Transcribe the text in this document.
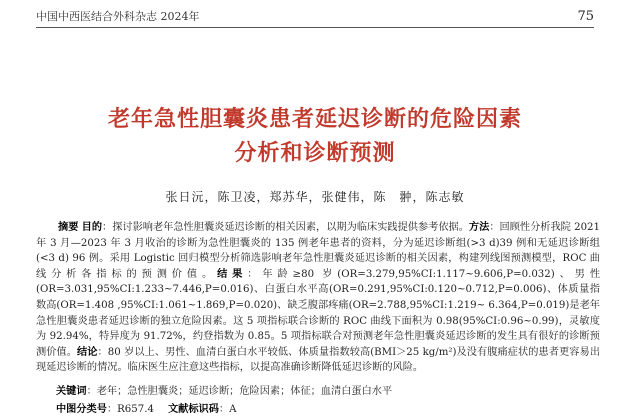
中国中西医结合外科杂志 2024年	75
老年急性胆囊炎患者延迟诊断的危险因素
分析和诊断预测
张日沅，陈卫凌，郑苏华，张健伟，陈　翀，陈志敏
摘要 目的：探讨影响老年急性胆囊炎延迟诊断的相关因素，以期为临床实践提供参考依据。方法：回顾性分析我院 2021年 3 月—2023 年 3 月收治的诊断为急性胆囊炎的 135 例老年患者的资料，分为延迟诊断组(>3 d)39 例和无延迟诊断组(<3 d) 96 例。采用 Logistic 回归模型分析筛选影响老年急性胆囊炎延迟诊断的相关因素，构建列线图预测模型，ROC 曲线分析各指标的预测价值。结果：年龄≥80 岁(OR=3.279,95%CI:1.117~9.606,P=0.032)、男性(OR=3.031,95%CI:1.233~7.446,P=0.016)、白蛋白水平高(OR=0.291,95%CI:0.120~0.712,P=0.006)、体质量指数高(OR=1.408 ,95%CI:1.061~1.869,P=0.020)、缺乏腹部疼痛(OR=2.788,95%CI:1.219~ 6.364,P=0.019)是老年急性胆囊炎患者延迟诊断的独立危险因素。这 5 项指标联合诊断的 ROC 曲线下面积为 0.98(95%CI:0.96~0.99)，灵敏度为 92.94%，特异度为 91.72%，约登指数为 0.85。5 项指标联合对预测老年急性胆囊炎延迟诊断的发生具有很好的诊断预测价值。结论：80 岁以上、男性、血清白蛋白水平较低、体质量指数较高(BMI＞25 kg/m²)及没有腹痛症状的患者更容易出现延迟诊断的情况。临床医生应注意这些指标，以提高准确诊断降低延迟诊断的风险。
关键词：老年；急性胆囊炎；延迟诊断；危险因素；体征；血清白蛋白水平
中图分类号：R657.4 文献标识码：A
